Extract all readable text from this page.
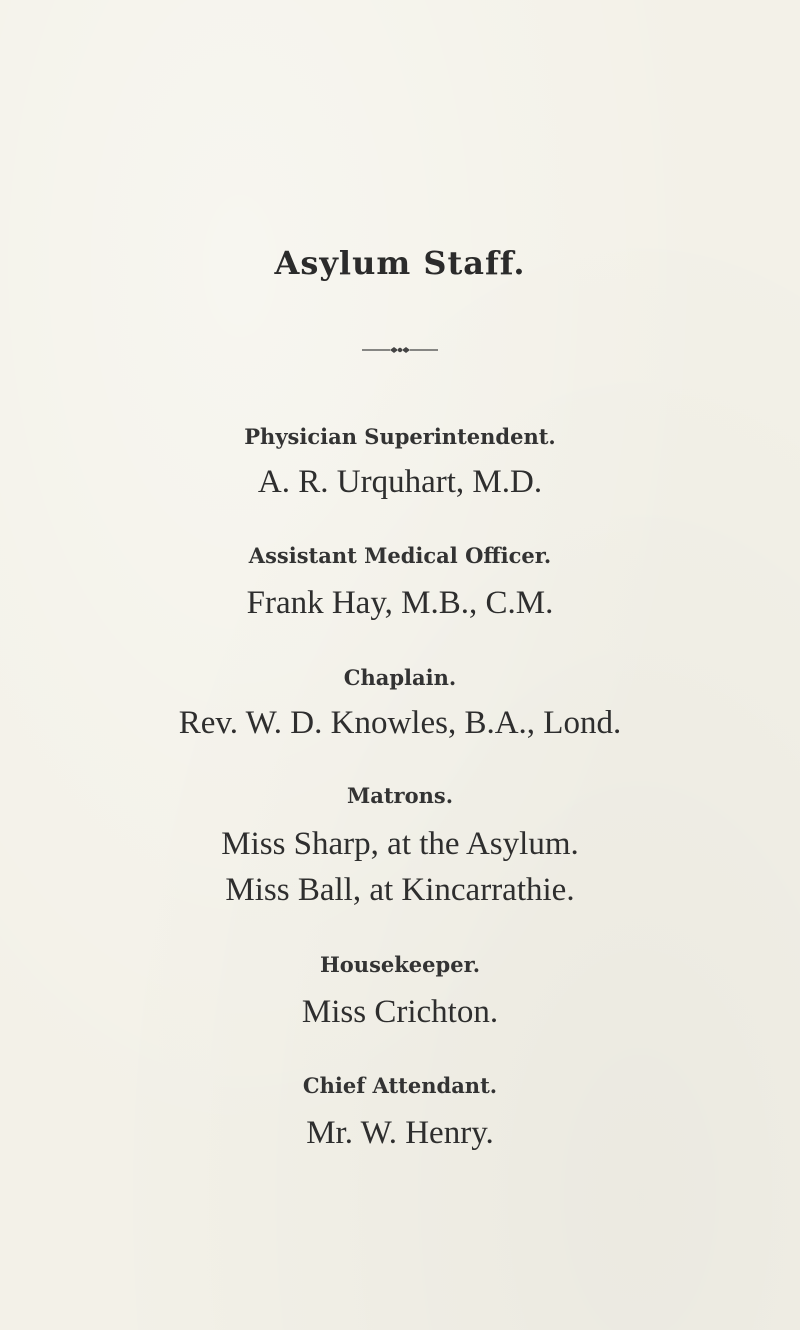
Asylum Staff.
Physician Superintendent.
A. R. Urquhart, M.D.
Assistant Medical Officer.
Frank Hay, M.B., C.M.
Chaplain.
Rev. W. D. Knowles, B.A., Lond.
Matrons.
Miss Sharp, at the Asylum.
Miss Ball, at Kincarrathie.
Housekeeper.
Miss Crichton.
Chief Attendant.
Mr. W. Henry.
